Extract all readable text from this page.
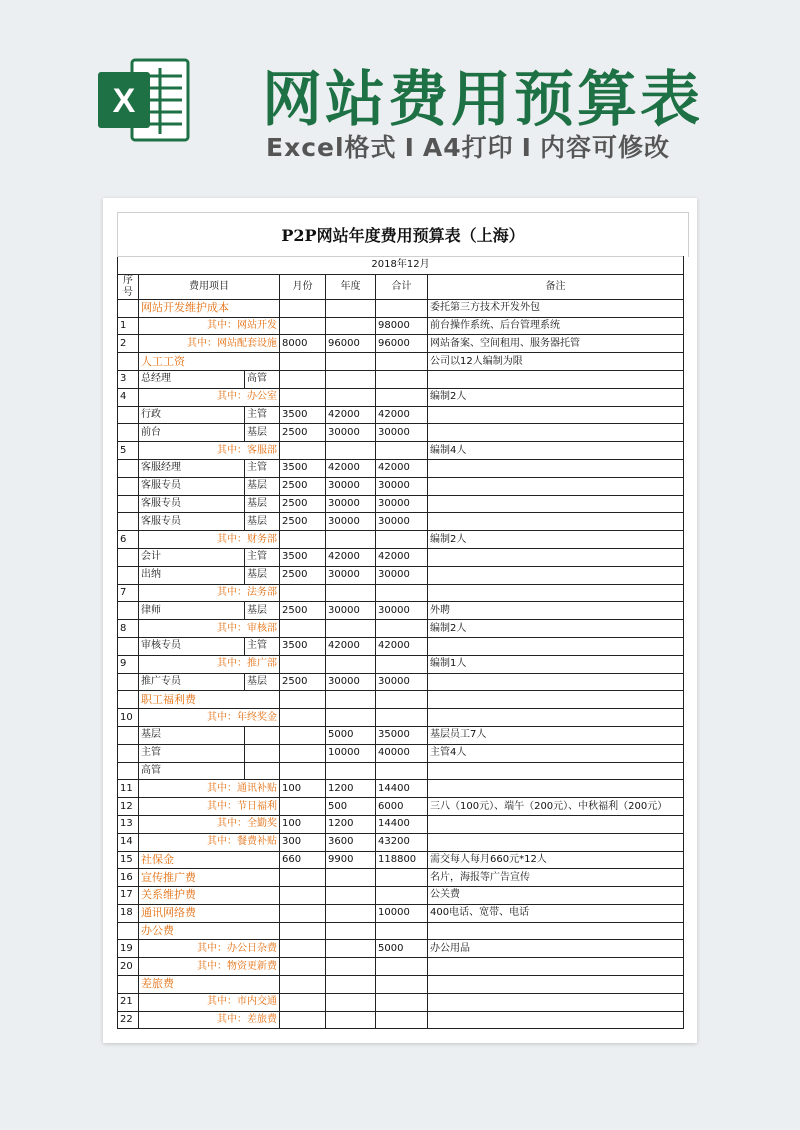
X 网站费用预算表
Excel格式 I A4打印 I 内容可修改
P2P网站年度费用预算表（上海）
2018年12月						
序号	费用项目		月份	年度	合计	备注
	网站开发维护成本					委托第三方技术开发外包
1	其中：网站开发				98000	前台操作系统、后台管理系统
2	其中：网站配套设施		8000	96000	96000	网站备案、空间租用、服务器托管
	人工工资					公司以12人编制为限
3	总经理	高管				
4	其中：办公室					编制2人
	行政	主管	3500	42000	42000	
	前台	基层	2500	30000	30000	
5	其中：客服部					编制4人
	客服经理	主管	3500	42000	42000	
	客服专员	基层	2500	30000	30000	
	客服专员	基层	2500	30000	30000	
	客服专员	基层	2500	30000	30000	
6	其中：财务部					编制2人
	会计	主管	3500	42000	42000	
	出纳	基层	2500	30000	30000	
7	其中：法务部					
	律师	基层	2500	30000	30000	外聘
8	其中：审核部					编制2人
	审核专员	主管	3500	42000	42000	
9	其中：推广部					编制1人
	推广专员	基层	2500	30000	30000	
	职工福利费					
10	其中：年终奖金					
	基层			5000	35000	基层员工7人
	主管			10000	40000	主管4人
	高管					
11	其中：通讯补贴		100	1200	14400	
12	其中：节日福利			500	6000	三八（100元）、端午（200元）、中秋福利（200元）
13	其中：全勤奖		100	1200	14400	
14	其中：餐费补贴		300	3600	43200	
15	社保金		660	9900	118800	需交每人每月660元*12人
16	宣传推广费					名片，海报等广告宣传
17	关系维护费					公关费
18	通讯网络费				10000	400电话、宽带、电话
	办公费					
19	其中：办公日杂费				5000	办公用品
20	其中：物资更新费					
	差旅费					
21	其中：市内交通					
22	其中：差旅费					
